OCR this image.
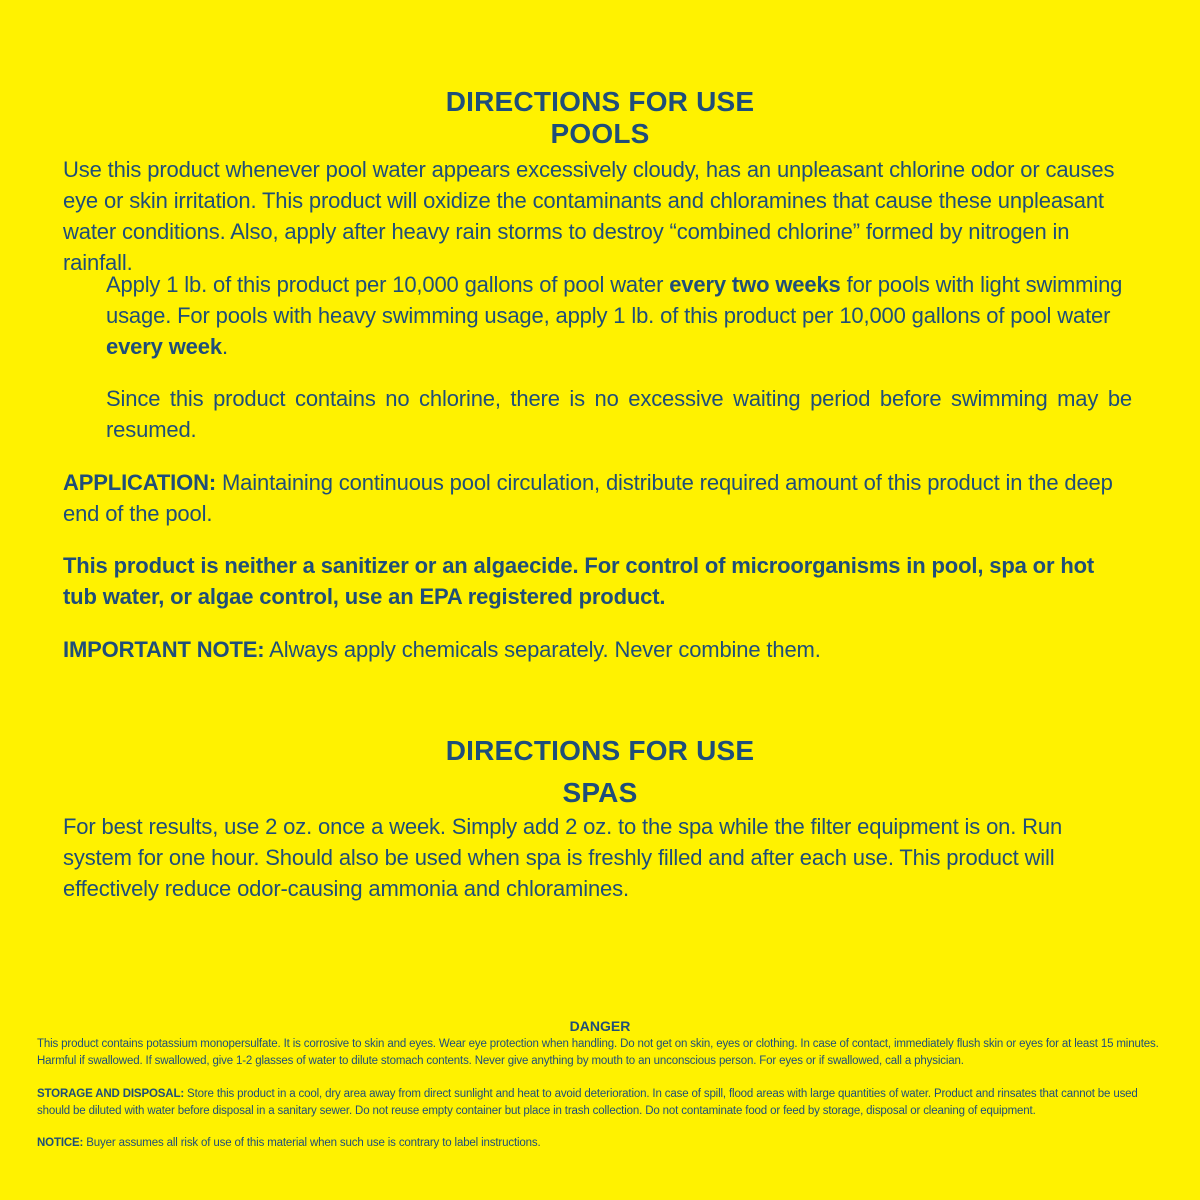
DIRECTIONS FOR USE
POOLS
Use this product whenever pool water appears excessively cloudy, has an unpleasant chlorine odor or causes eye or skin irritation. This product will oxidize the contaminants and chloramines that cause these unpleasant water conditions. Also, apply after heavy rain storms to destroy “combined chlorine” formed by nitrogen in rainfall.
Apply 1 lb. of this product per 10,000 gallons of pool water every two weeks for pools with light swimming usage. For pools with heavy swimming usage, apply 1 lb. of this product per 10,000 gallons of pool water every week.
Since this product contains no chlorine, there is no excessive waiting period before swimming may be resumed.
APPLICATION: Maintaining continuous pool circulation, distribute required amount of this product in the deep end of the pool.
This product is neither a sanitizer or an algaecide. For control of microorganisms in pool, spa or hot tub water, or algae control, use an EPA registered product.
IMPORTANT NOTE: Always apply chemicals separately. Never combine them.
DIRECTIONS FOR USE
SPAS
For best results, use 2 oz. once a week. Simply add 2 oz. to the spa while the filter equipment is on. Run system for one hour. Should also be used when spa is freshly filled and after each use. This product will effectively reduce odor-causing ammonia and chloramines.
DANGER
This product contains potassium monopersulfate. It is corrosive to skin and eyes. Wear eye protection when handling. Do not get on skin, eyes or clothing. In case of contact, immediately flush skin or eyes for at least 15 minutes. Harmful if swallowed. If swallowed, give 1-2 glasses of water to dilute stomach contents. Never give anything by mouth to an unconscious person. For eyes or if swallowed, call a physician.
STORAGE AND DISPOSAL: Store this product in a cool, dry area away from direct sunlight and heat to avoid deterioration. In case of spill, flood areas with large quantities of water. Product and rinsates that cannot be used should be diluted with water before disposal in a sanitary sewer. Do not reuse empty container but place in trash collection. Do not contaminate food or feed by storage, disposal or cleaning of equipment.
NOTICE: Buyer assumes all risk of use of this material when such use is contrary to label instructions.
